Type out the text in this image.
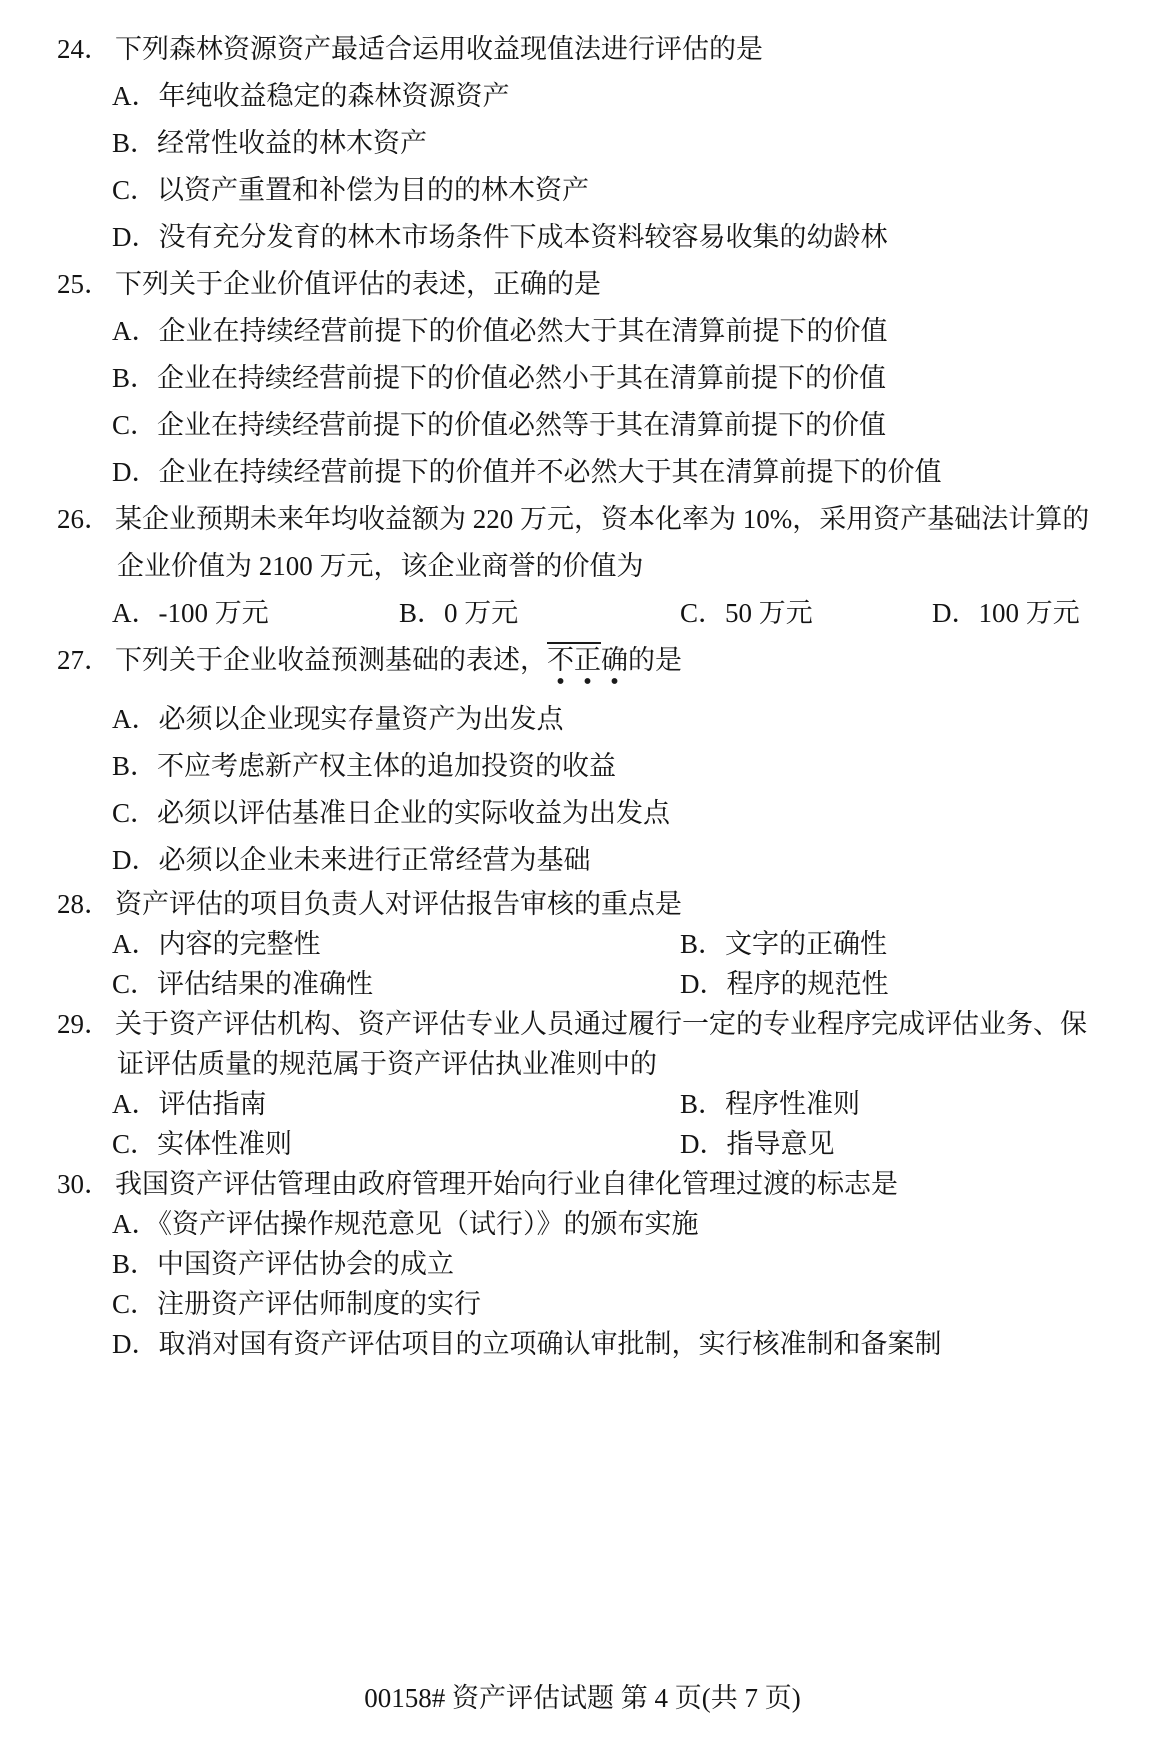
24． 下列森林资源资产最适合运用收益现值法进行评估的是
A．年纯收益稳定的森林资源资产
B．经常性收益的林木资产
C．以资产重置和补偿为目的的林木资产
D．没有充分发育的林木市场条件下成本资料较容易收集的幼龄林
25． 下列关于企业价值评估的表述，正确的是
A．企业在持续经营前提下的价值必然大于其在清算前提下的价值
B．企业在持续经营前提下的价值必然小于其在清算前提下的价值
C．企业在持续经营前提下的价值必然等于其在清算前提下的价值
D．企业在持续经营前提下的价值并不必然大于其在清算前提下的价值
26． 某企业预期未来年均收益额为 220 万元，资本化率为 10%，采用资产基础法计算的
企业价值为 2100 万元，该企业商誉的价值为
A．-100 万元	B．0 万元	C．50 万元	D．100 万元
27． 下列关于企业收益预测基础的表述，不正确的是
A．必须以企业现实存量资产为出发点
B．不应考虑新产权主体的追加投资的收益
C．必须以评估基准日企业的实际收益为出发点
D．必须以企业未来进行正常经营为基础
28． 资产评估的项目负责人对评估报告审核的重点是
A．内容的完整性	B．文字的正确性
C．评估结果的准确性	D．程序的规范性
29． 关于资产评估机构、资产评估专业人员通过履行一定的专业程序完成评估业务、保
证评估质量的规范属于资产评估执业准则中的
A．评估指南	B．程序性准则
C．实体性准则	D．指导意见
30． 我国资产评估管理由政府管理开始向行业自律化管理过渡的标志是
A．《资产评估操作规范意见（试行）》的颁布实施
B．中国资产评估协会的成立
C．注册资产评估师制度的实行
D．取消对国有资产评估项目的立项确认审批制，实行核准制和备案制
00158# 资产评估试题 第 4 页(共 7 页)
